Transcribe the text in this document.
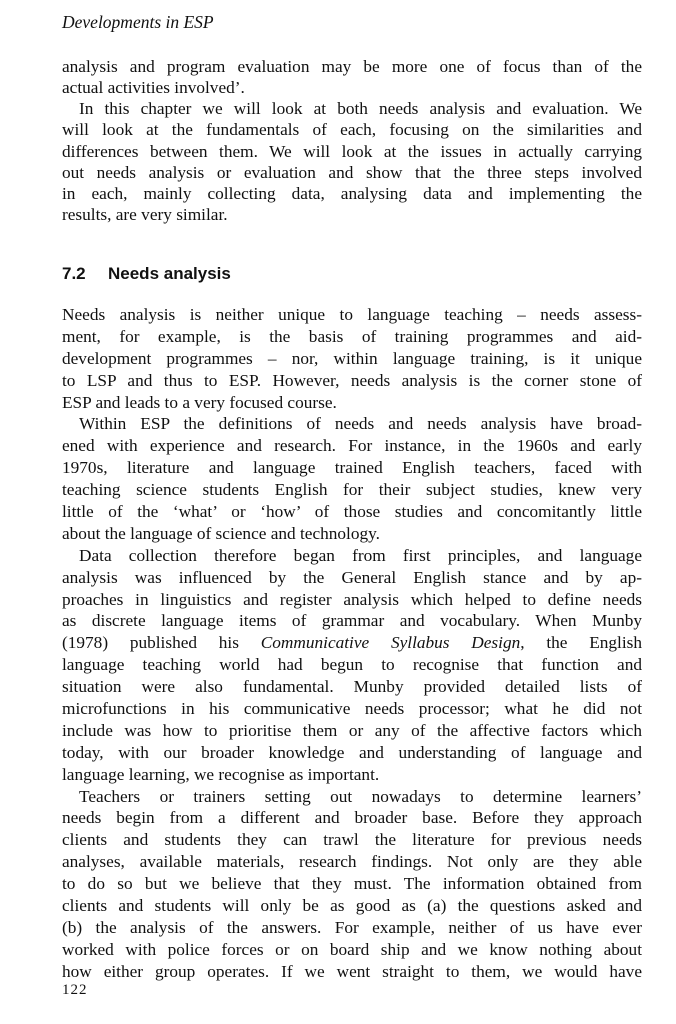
Developments in ESP
analysis and program evaluation may be more one of focus than of the
actual activities involved’.
In this chapter we will look at both needs analysis and evaluation. We
will look at the fundamentals of each, focusing on the similarities and
differences between them. We will look at the issues in actually carrying
out needs analysis or evaluation and show that the three steps involved
in each, mainly collecting data, analysing data and implementing the
results, are very similar.
7.2 Needs analysis
Needs analysis is neither unique to language teaching – needs assess-
ment, for example, is the basis of training programmes and aid-
development programmes – nor, within language training, is it unique
to LSP and thus to ESP. However, needs analysis is the corner stone of
ESP and leads to a very focused course.
Within ESP the definitions of needs and needs analysis have broad-
ened with experience and research. For instance, in the 1960s and early
1970s, literature and language trained English teachers, faced with
teaching science students English for their subject studies, knew very
little of the ‘what’ or ‘how’ of those studies and concomitantly little
about the language of science and technology.
Data collection therefore began from first principles, and language
analysis was influenced by the General English stance and by ap-
proaches in linguistics and register analysis which helped to define needs
as discrete language items of grammar and vocabulary. When Munby
(1978) published his Communicative Syllabus Design, the English
language teaching world had begun to recognise that function and
situation were also fundamental. Munby provided detailed lists of
microfunctions in his communicative needs processor; what he did not
include was how to prioritise them or any of the affective factors which
today, with our broader knowledge and understanding of language and
language learning, we recognise as important.
Teachers or trainers setting out nowadays to determine learners’
needs begin from a different and broader base. Before they approach
clients and students they can trawl the literature for previous needs
analyses, available materials, research findings. Not only are they able
to do so but we believe that they must. The information obtained from
clients and students will only be as good as (a) the questions asked and
(b) the analysis of the answers. For example, neither of us have ever
worked with police forces or on board ship and we know nothing about
how either group operates. If we went straight to them, we would have
122
